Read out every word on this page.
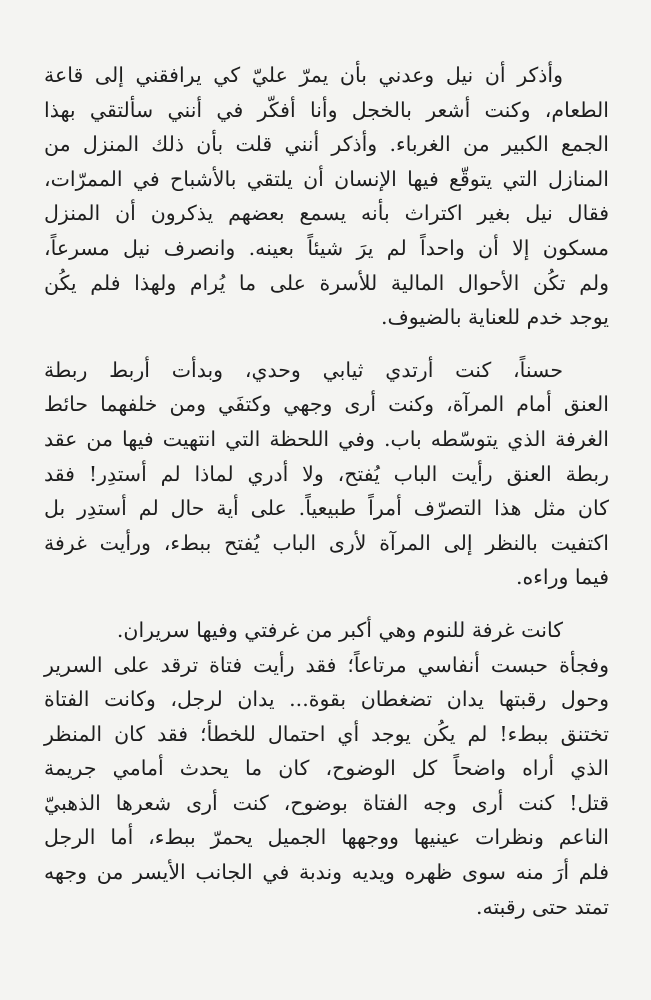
وأذكر أن نيل وعدني بأن يمرّ عليّ كي يرافقني إلى قاعة
الطعام، وكنت أشعر بالخجل وأنا أفكّر في أنني سألتقي بهذا
الجمع الكبير من الغرباء. وأذكر أنني قلت بأن ذلك المنزل من
المنازل التي يتوقّع فيها الإنسان أن يلتقي بالأشباح في الممرّات،
فقال نيل بغير اكتراث بأنه يسمع بعضهم يذكرون أن المنزل
مسكون إلا أن واحداً لم يرَ شيئاً بعينه. وانصرف نيل مسرعاً،
ولم تكُن الأحوال المالية للأسرة على ما يُرام ولهذا فلم يكُن
يوجد خدم للعناية بالضيوف.

حسناً، كنت أرتدي ثيابي وحدي، وبدأت أربط ربطة
العنق أمام المرآة، وكنت أرى وجهي وكتفَي ومن خلفهما حائط
الغرفة الذي يتوسّطه باب. وفي اللحظة التي انتهيت فيها من عقد
ربطة العنق رأيت الباب يُفتح، ولا أدري لماذا لم أستدِر! فقد
كان مثل هذا التصرّف أمراً طبيعياً. على أية حال لم أستدِر بل
اكتفيت بالنظر إلى المرآة لأرى الباب يُفتح ببطء، ورأيت غرفة
فيما وراءه.

كانت غرفة للنوم وهي أكبر من غرفتي وفيها سريران.
وفجأة حبست أنفاسي مرتاعاً؛ فقد رأيت فتاة ترقد على السرير
وحول رقبتها يدان تضغطان بقوة... يدان لرجل، وكانت الفتاة
تختنق ببطء! لم يكُن يوجد أي احتمال للخطأ؛ فقد كان المنظر
الذي أراه واضحاً كل الوضوح، كان ما يحدث أمامي جريمة
قتل! كنت أرى وجه الفتاة بوضوح، كنت أرى شعرها الذهبيّ
الناعم ونظرات عينيها ووجهها الجميل يحمرّ ببطء، أما الرجل
فلم أرَ منه سوى ظهره ويديه وندبة في الجانب الأيسر من وجهه
تمتد حتى رقبته.
